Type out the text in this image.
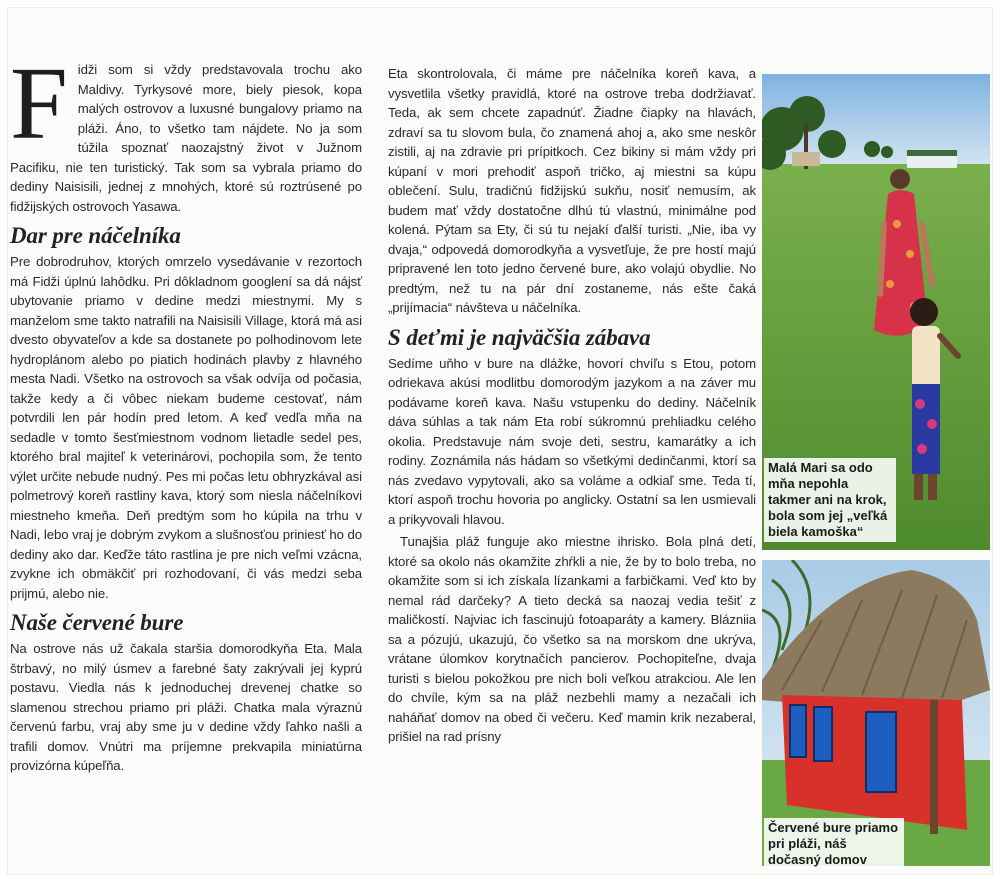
Fidži som si vždy predstavovala trochu ako Maldivy. Tyrkysové more, biely piesok, kopa malých ostrovov a luxusné bungalovy priamo na pláži. Áno, to všetko tam nájdete. No ja som túžila spoznať naozajstný život v Južnom Pacifiku, nie ten turistický. Tak som sa vybrala priamo do dediny Naisisili, jednej z mnohých, ktoré sú roztrúsené po fidžijských ostrovoch Yasawa.

Dar pre náčelníka

Pre dobrodruhov, ktorých omrzelo vysedávanie v rezortoch má Fidži úplnú lahôdku. Pri dôkladnom googlení sa dá nájsť ubytovanie priamo v dedine medzi miestnymi. My s manželom sme takto natrafili na Naisisili Village, ktorá má asi dvesto obyvateľov a kde sa dostanete po polhodinovom lete hydroplánom alebo po piatich hodinách plavby z hlavného mesta Nadi. Všetko na ostrovoch sa však odvíja od počasia, takže kedy a či vôbec niekam budeme cestovať, nám potvrdili len pár hodín pred letom. A keď vedľa mňa na sedadle v tomto šesťmiestnom vodnom lietadle sedel pes, ktorého bral majiteľ k veterinárovi, pochopila som, že tento výlet určite nebude nudný. Pes mi počas letu obhryzkával asi polmetrový koreň rastliny kava, ktorý som niesla náčelníkovi miestneho kmeňa. Deň predtým som ho kúpila na trhu v Nadi, lebo vraj je dobrým zvykom a slušnosťou priniesť ho do dediny ako dar. Keďže táto rastlina je pre nich veľmi vzácna, zvykne ich obmäkčiť pri rozhodovaní, či vás medzi seba prijmú, alebo nie.

Naše červené bure

Na ostrove nás už čakala staršia domorodkyňa Eta. Mala štrbavý, no milý úsmev a farebné šaty zakrývali jej kyprú postavu. Viedla nás k jednoduchej drevenej chatke so slamenou strechou priamo pri pláži. Chatka mala výraznú červenú farbu, vraj aby sme ju v dedine vždy ľahko našli a trafili domov. Vnútri ma príjemne prekvapila miniatúrna provizórna kúpeľňa.

Eta skontrolovala, či máme pre náčelníka koreň kava, a vysvetlila všetky pravidlá, ktoré na ostrove treba dodržiavať. Teda, ak sem chcete zapadnúť. Žiadne čiapky na hlavách, zdraví sa tu slovom bula, čo znamená ahoj a, ako sme neskôr zistili, aj na zdravie pri prípitkoch. Cez bikiny si mám vždy pri kúpaní v mori prehodiť aspoň tričko, aj miestni sa kúpu oblečení. Sulu, tradičnú fidžijskú sukňu, nosiť nemusím, ak budem mať vždy dostatočne dlhú tú vlastnú, minimálne pod kolená. Pýtam sa Ety, či sú tu nejakí ďalší turisti. „Nie, iba vy dvaja,“ odpovedá domorodkyňa a vysvetľuje, že pre hostí majú pripravené len toto jedno červené bure, ako volajú obydlie. No predtým, než tu na pár dní zostaneme, nás ešte čaká „prijímacia“ návšteva u náčelníka.

S deťmi je najväčšia zábava

Sedíme uňho v bure na dlážke, hovorí chvíľu s Etou, potom odriekava akúsi modlitbu domorodým jazykom a na záver mu podávame koreň kava. Našu vstupenku do dediny. Náčelník dáva súhlas a tak nám Eta robí súkromnú prehliadku celého okolia. Predstavuje nám svoje deti, sestru, kamarátky a ich rodiny. Zoznámila nás hádam so všetkými dedinčanmi, ktorí sa nás zvedavo vypytovali, ako sa voláme a odkiaľ sme. Teda tí, ktorí aspoň trochu hovoria po anglicky. Ostatní sa len usmievali a prikyvovali hlavou.

Tunajšia pláž funguje ako miestne ihrisko. Bola plná detí, ktoré sa okolo nás okamžite zhŕkli a nie, že by to bolo treba, no okamžite som si ich získala lízankami a farbičkami. Veď kto by nemal rád darčeky? A tieto decká sa naozaj vedia tešiť z maličkostí. Najviac ich fascinujú fotoaparáty a kamery. Blázniia sa a pózujú, ukazujú, čo všetko sa na morskom dne ukrýva, vrátane úlomkov korytnačích pancierov. Pochopiteľne, dvaja turisti s bielou pokožkou pre nich boli veľkou atrakciou. Ale len do chvíle, kým sa na pláž nezbehli mamy a nezačali ich naháňať domov na obed či večeru. Keď mamin krik nezaberal, prišiel na rad prísny

Malá Mari sa odo mňa nepohla takmer ani na krok, bola som jej „veľká biela kamoška“
Červené bure priamo pri pláži, náš dočasný domov
